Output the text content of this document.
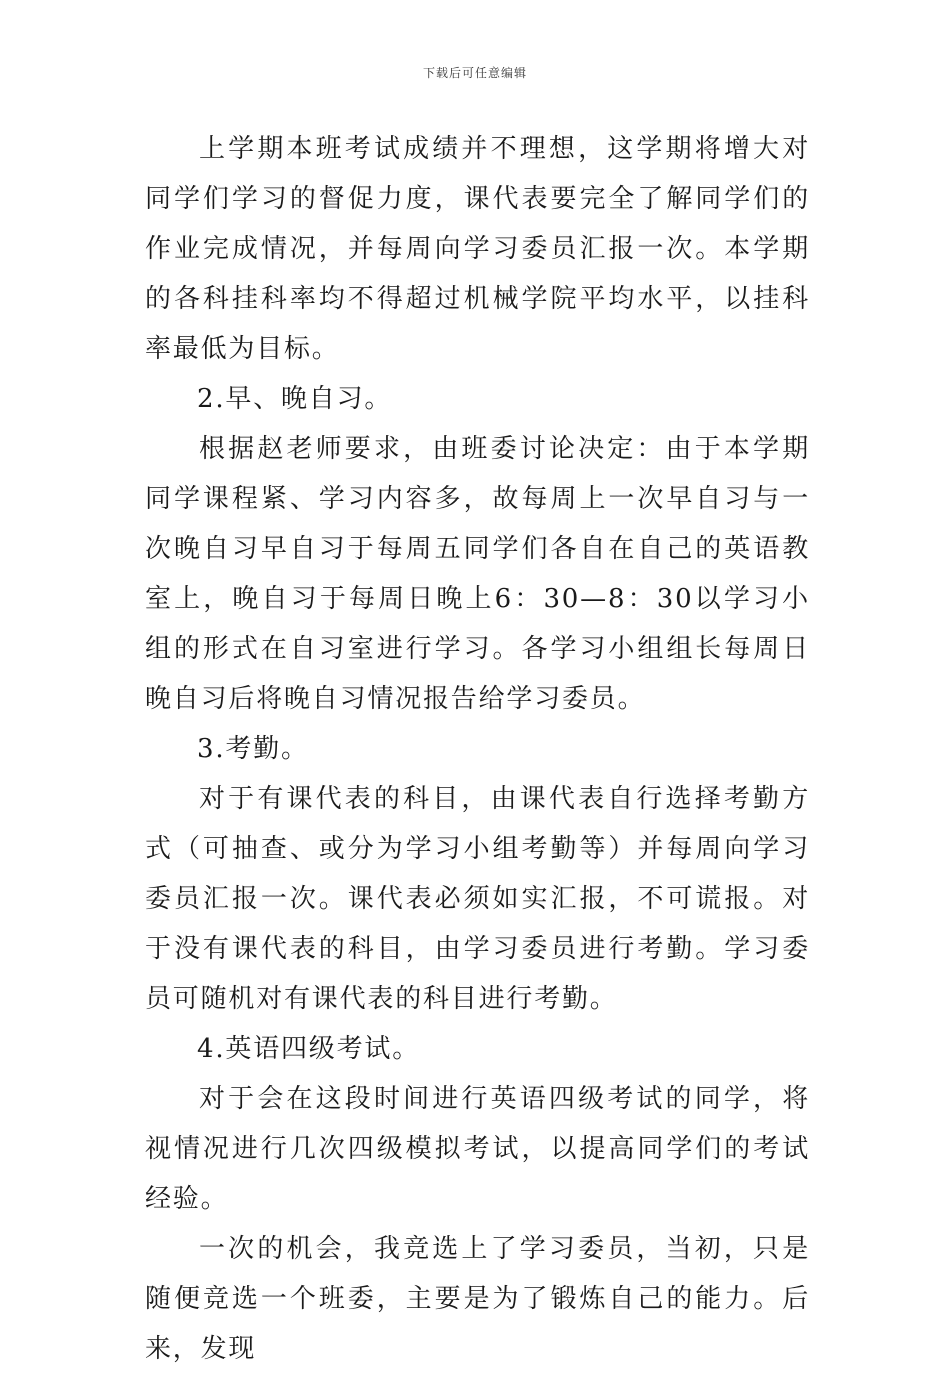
下载后可任意编辑

上学期本班考试成绩并不理想，这学期将增大对同学们学习的督促力度，课代表要完全了解同学们的作业完成情况，并每周向学习委员汇报一次。本学期的各科挂科率均不得超过机械学院平均水平，以挂科率最低为目标。

2.早、晚自习。

根据赵老师要求，由班委讨论决定：由于本学期同学课程紧、学习内容多，故每周上一次早自习与一次晚自习早自习于每周五同学们各自在自己的英语教室上，晚自习于每周日晚上6：30—8：30以学习小组的形式在自习室进行学习。各学习小组组长每周日晚自习后将晚自习情况报告给学习委员。

3.考勤。

对于有课代表的科目，由课代表自行选择考勤方式（可抽查、或分为学习小组考勤等）并每周向学习委员汇报一次。课代表必须如实汇报，不可谎报。对于没有课代表的科目，由学习委员进行考勤。学习委员可随机对有课代表的科目进行考勤。

4.英语四级考试。

对于会在这段时间进行英语四级考试的同学，将视情况进行几次四级模拟考试，以提高同学们的考试经验。

一次的机会，我竞选上了学习委员，当初，只是随便竞选一个班委，主要是为了锻炼自己的能力。后来，发现
